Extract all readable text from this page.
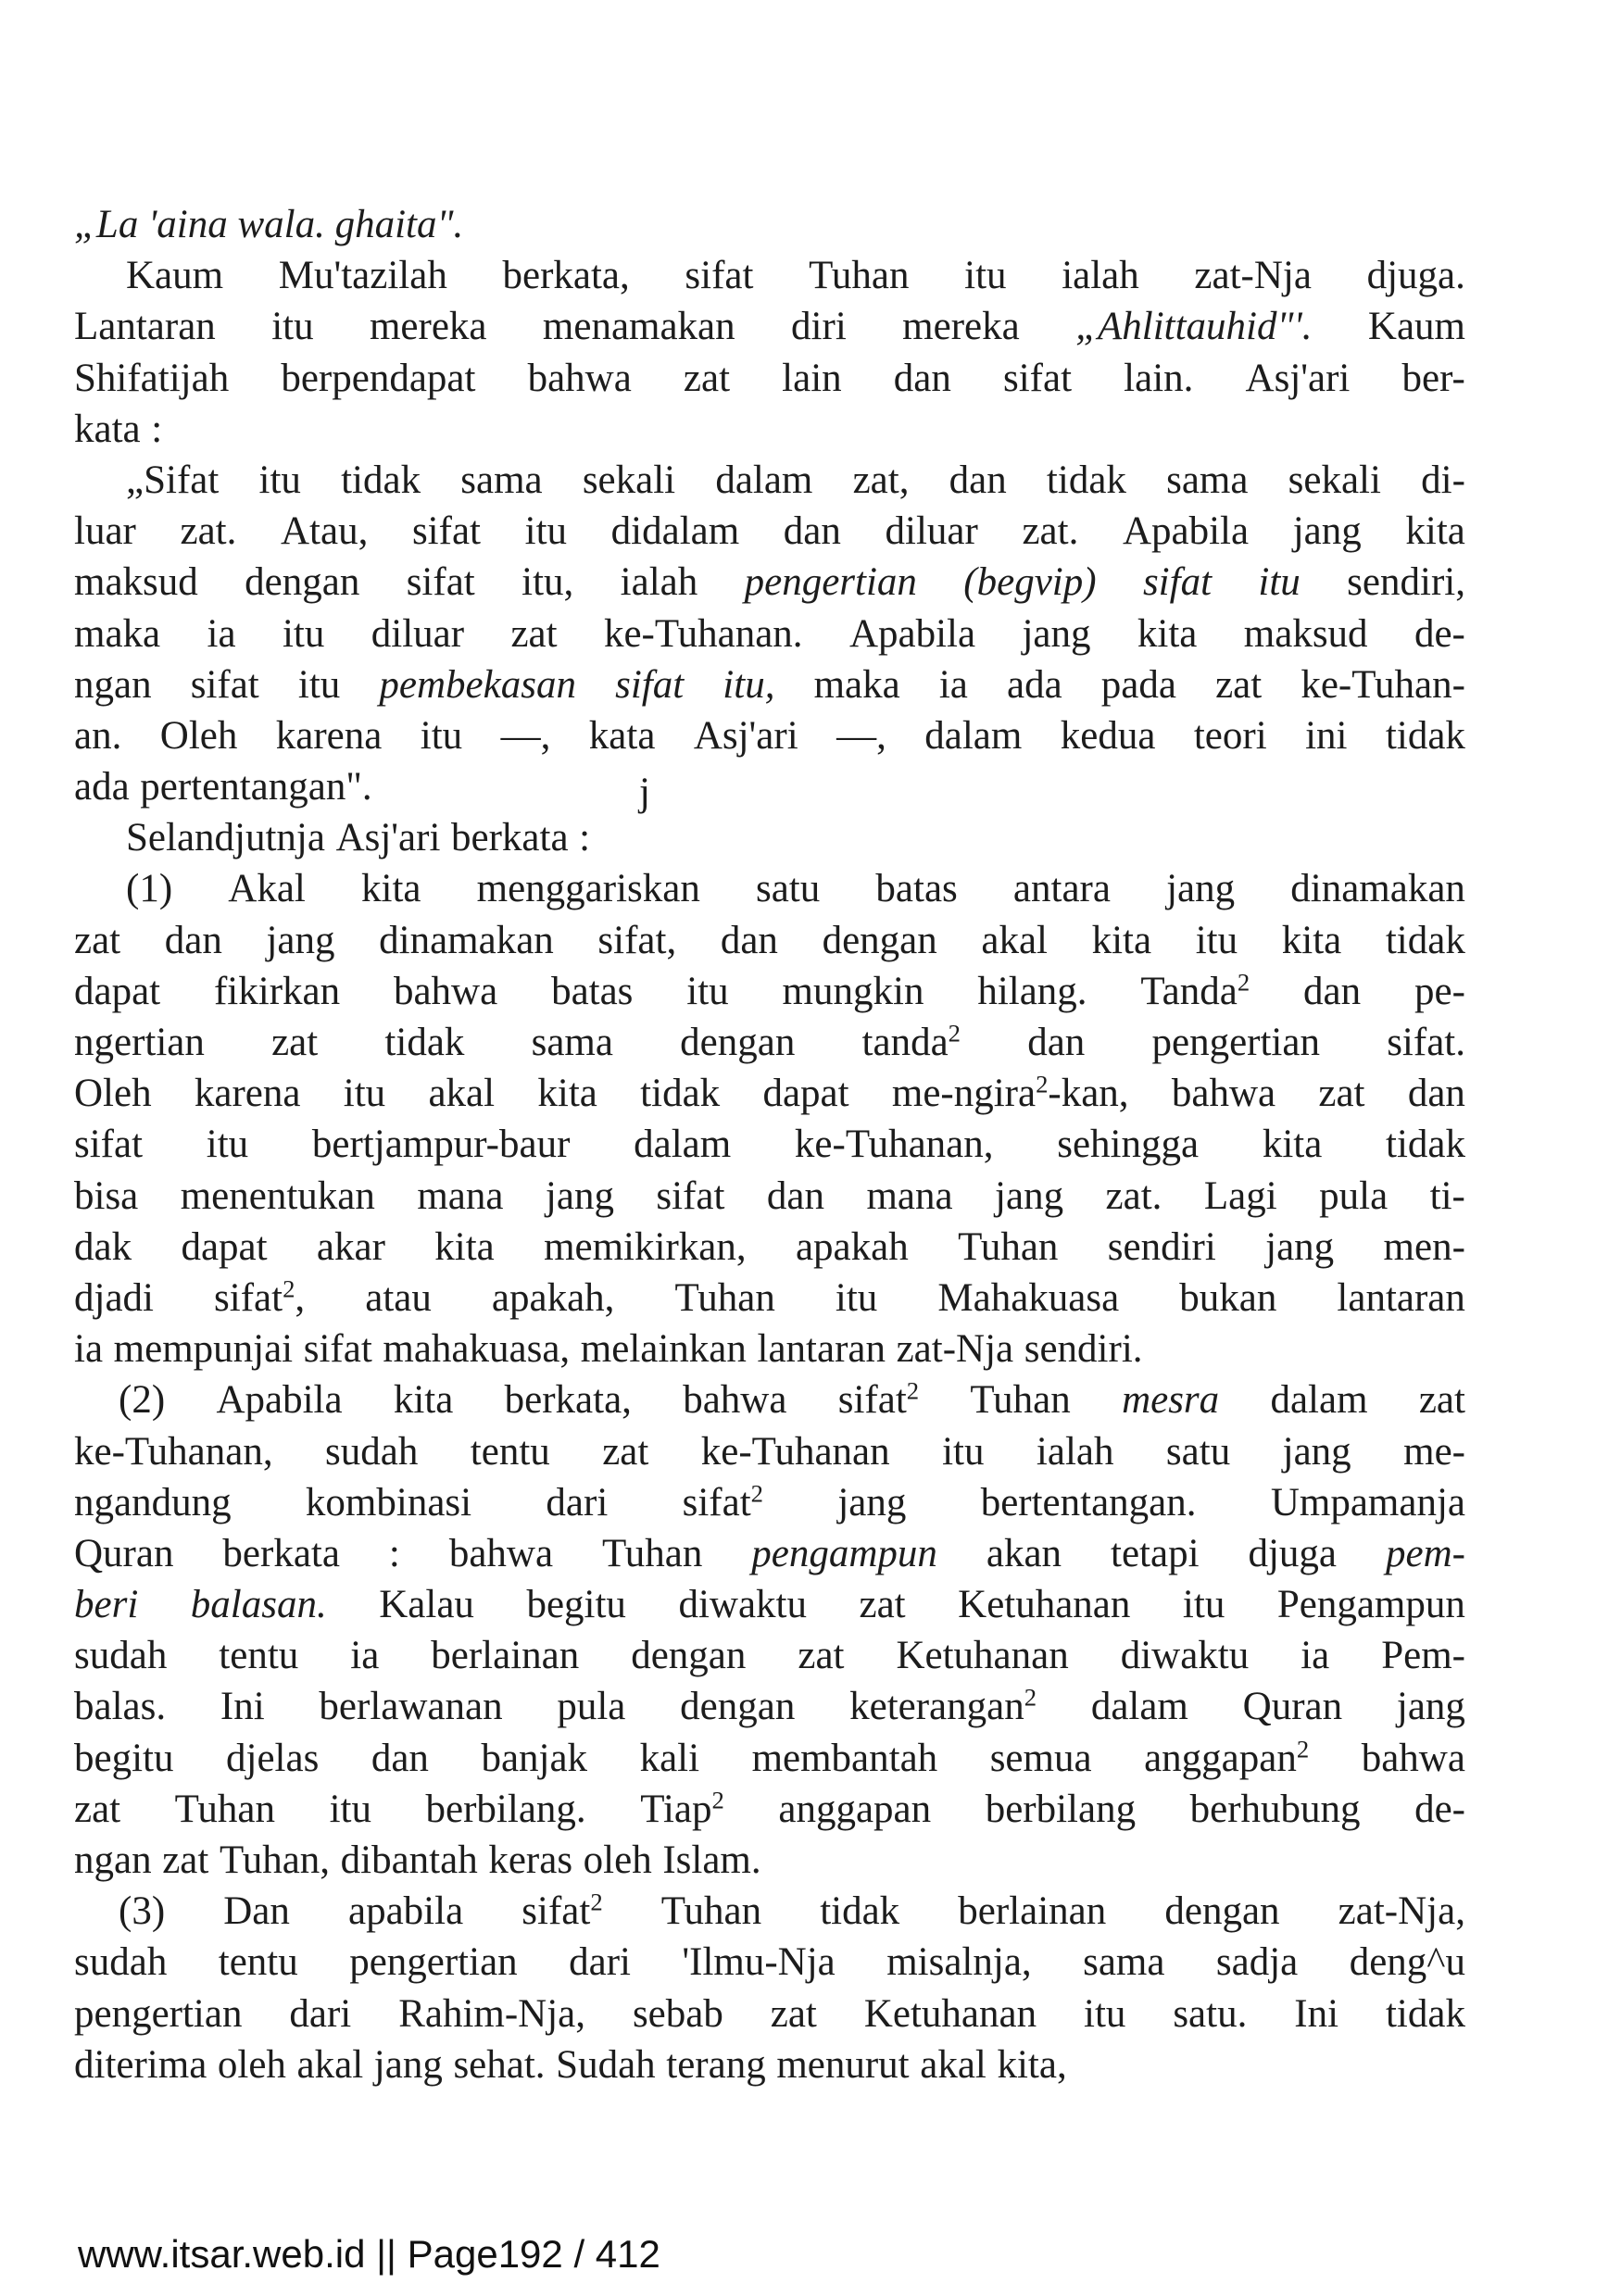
„La 'aina wala. ghaita".
Kaum Mu'tazilah berkata, sifat Tuhan itu ialah zat-Nja djuga.
Lantaran itu mereka menamakan diri mereka „Ahlittauhid"'. Kaum
Shifatijah berpendapat bahwa zat lain dan sifat lain. Asj'ari ber-
kata :
„Sifat itu tidak sama sekali dalam zat, dan tidak sama sekali di-
luar zat. Atau, sifat itu didalam dan diluar zat. Apabila jang kita
maksud dengan sifat itu, ialah pengertian (begvip) sifat itu sendiri,
maka ia itu diluar zat ke-Tuhanan. Apabila jang kita maksud de-
ngan sifat itu pembekasan sifat itu, maka ia ada pada zat ke-Tuhan-
an. Oleh karena itu —, kata Asj'ari —, dalam kedua teori ini tidak
ada pertentangan".
Selandjutnja Asj'ari berkata :
(1) Akal kita menggariskan satu batas antara jang dinamakan
zat dan jang dinamakan sifat, dan dengan akal kita itu kita tidak
dapat fikirkan bahwa batas itu mungkin hilang. Tanda$^2$ dan pe-
ngertian zat tidak sama dengan tanda$^2$ dan pengertian sifat.
Oleh karena itu akal kita tidak dapat me-ngira$^2$-kan, bahwa zat dan
sifat itu bertjampur-baur dalam ke-Tuhanan, sehingga kita tidak
bisa menentukan mana jang sifat dan mana jang zat. Lagi pula ti-
dak dapat akar kita memikirkan, apakah Tuhan sendiri jang men-
djadi sifat$^2$, atau apakah, Tuhan itu Mahakuasa bukan lantaran
ia mempunjai sifat mahakuasa, melainkan lantaran zat-Nja sendiri.
(2) Apabila kita berkata, bahwa sifat$^2$ Tuhan mesra dalam zat
ke-Tuhanan, sudah tentu zat ke-Tuhanan itu ialah satu jang me-
ngandung kombinasi dari sifat$^2$ jang bertentangan. Umpamanja
Quran berkata : bahwa Tuhan pengampun akan tetapi djuga pem-
beri balasan. Kalau begitu diwaktu zat Ketuhanan itu Pengampun
sudah tentu ia berlainan dengan zat Ketuhanan diwaktu ia Pem-
balas. Ini berlawanan pula dengan keterangan$^2$ dalam Quran jang
begitu djelas dan banjak kali membantah semua anggapan$^2$ bahwa
zat Tuhan itu berbilang. Tiap$^2$ anggapan berbilang berhubung de-
ngan zat Tuhan, dibantah keras oleh Islam.
(3) Dan apabila sifat$^2$ Tuhan tidak berlainan dengan zat-Nja,
sudah tentu pengertian dari 'Ilmu-Nja misalnja, sama sadja deng^u
pengertian dari Rahim-Nja, sebab zat Ketuhanan itu satu. Ini tidak
diterima oleh akal jang sehat. Sudah terang menurut akal kita,
j
www.itsar.web.id || Page192 / 412
